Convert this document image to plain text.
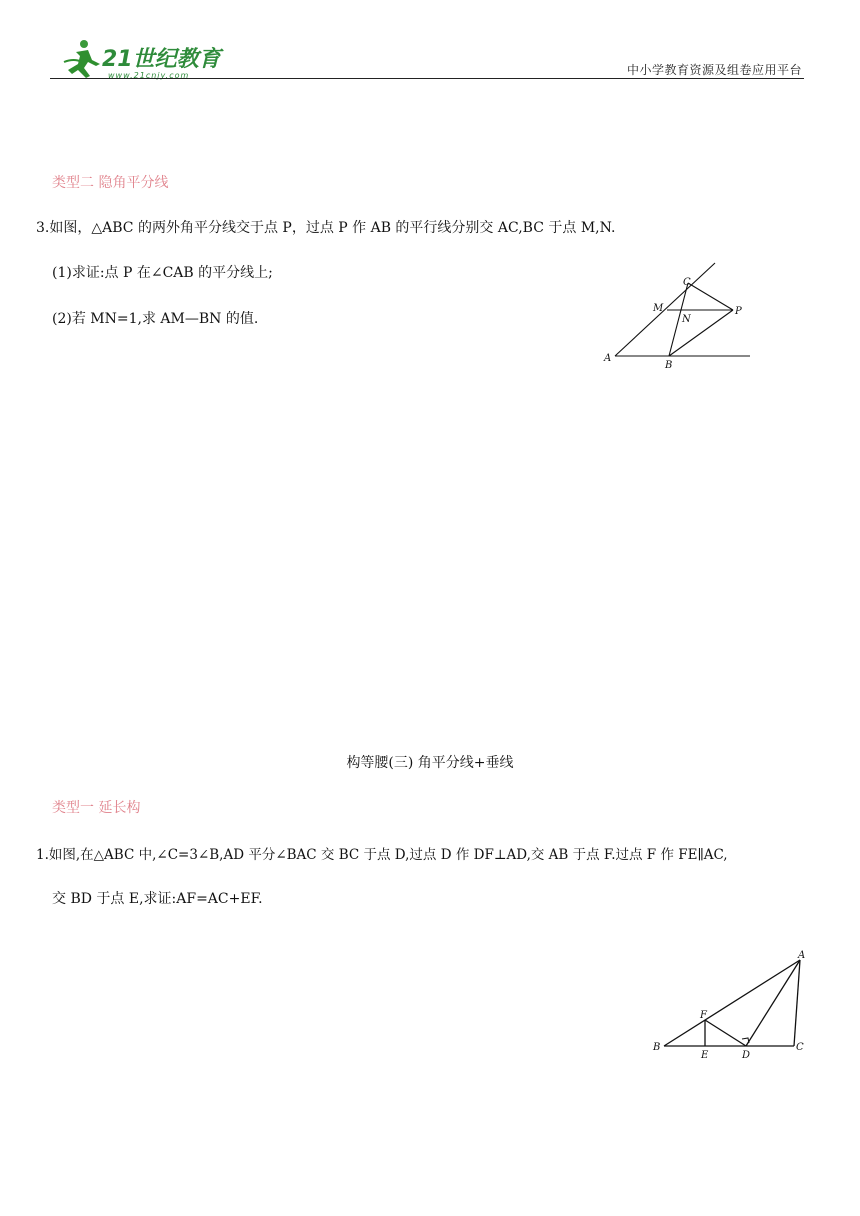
21世纪教育
www.21cnjy.com	中小学教育资源及组卷应用平台
类型二 隐角平分线
3.如图，△ABC 的两外角平分线交于点 P，过点 P 作 AB 的平行线分别交 AC,BC 于点 M,N.
(1)求证:点 P 在∠CAB 的平分线上;
(2)若 MN=1,求 AM—BN 的值.
A
B
C
M
N
P
构等腰(三) 角平分线+垂线
类型一 延长构
1.如图,在△ABC 中,∠C=3∠B,AD 平分∠BAC 交 BC 于点 D,过点 D 作 DF⊥AD,交 AB 于点 F.过点 F 作 FE∥AC,
交 BD 于点 E,求证:AF=AC+EF.
A
B	C
D
E
F
